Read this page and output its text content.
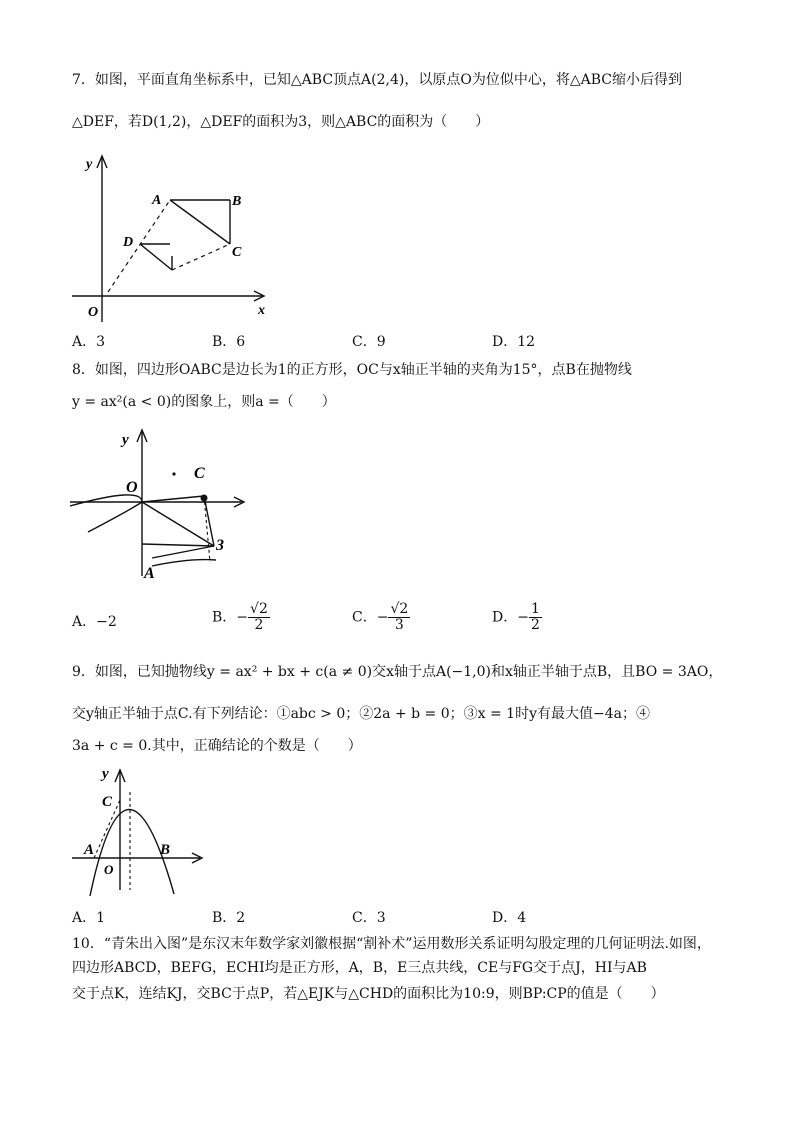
7．如图，平面直角坐标系中，已知△ABC顶点A(2,4)，以原点O为位似中心，将△ABC缩小后得到
△DEF，若D(1,2)，△DEF的面积为3，则△ABC的面积为（　　）
y
x
O
A	B
C
D
A．3	B．6	C．9	D．12
8．如图，四边形OABC是边长为1的正方形，OC与x轴正半轴的夹角为15°，点B在抛物线
y = ax²(a < 0)的图象上，则a =（　　）
O
y
C
3
A
A．−2	B．− $\frac{√2}{2}$	C．− $\frac{√2}{3}$	D．− $\frac{1}{2}$
9．如图，已知抛物线y = ax² + bx + c(a ≠ 0)交x轴于点A(−1,0)和x轴正半轴于点B，且BO = 3AO，
交y轴正半轴于点C.有下列结论：①abc > 0；②2a + b = 0；③x = 1时y有最大值−4a；④
3a + c = 0.其中，正确结论的个数是（　　）
y
C
A	B
O
A．1	B．2	C．3	D．4
10．“青朱出入图”是东汉末年数学家刘徽根据“割补术”运用数形关系证明勾股定理的几何证明法.如图，
四边形ABCD，BEFG，ECHI均是正方形，A，B，E三点共线，CE与FG交于点J，HI与AB
交于点K，连结KJ，交BC于点P，若△EJK与△CHD的面积比为10:9，则BP:CP的值是（　　）
